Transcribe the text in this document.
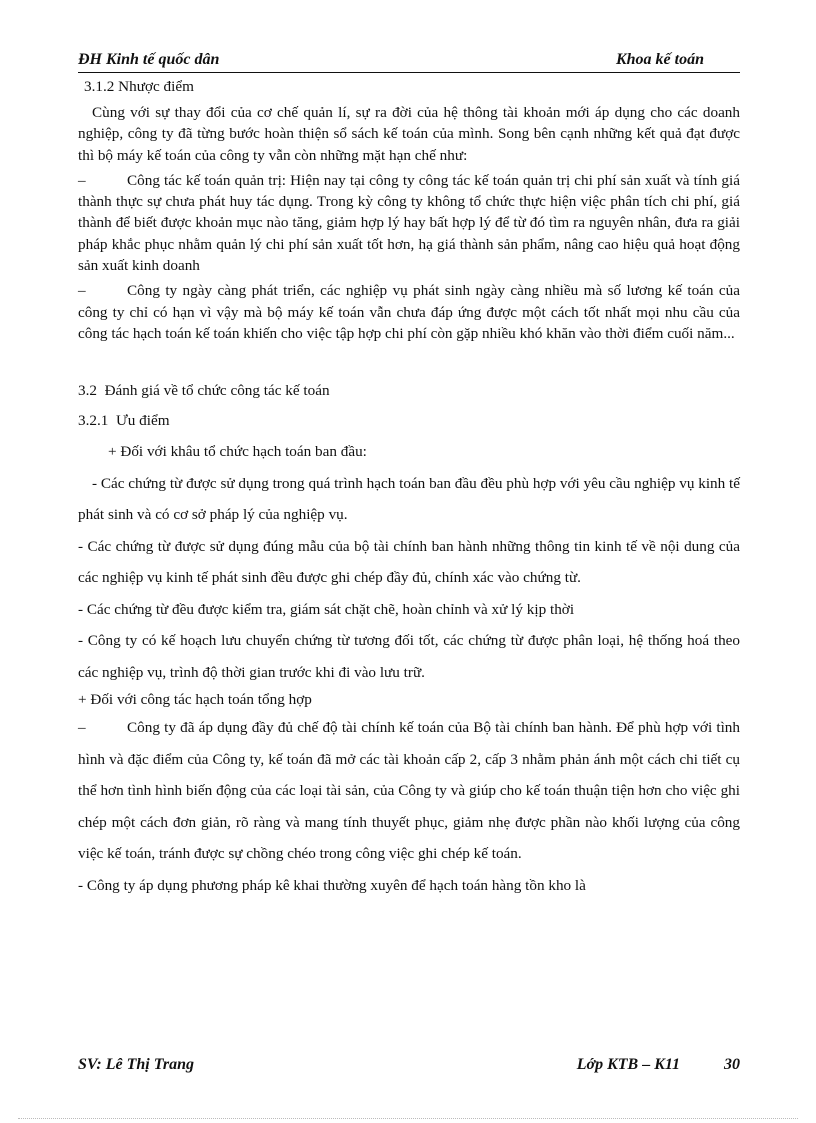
ĐH Kinh tế quốc dân	Khoa kế toán

3.1.2 Nhược điểm

Cùng với sự thay đổi của cơ chế quản lí, sự ra đời của hệ thông tài khoản mới áp dụng cho các doanh nghiệp, công ty đã từng bước hoàn thiện sổ sách kế toán của mình. Song bên cạnh những kết quả đạt được thì bộ máy kế toán của công ty vẫn còn những mặt hạn chế như:

–	Công tác kế toán quản trị: Hiện nay tại công ty công tác kế toán quản trị chi phí sản xuất và tính giá thành thực sự chưa phát huy tác dụng. Trong kỳ công ty không tổ chức thực hiện việc phân tích chi phí, giá thành để biết được khoản mục nào tăng, giảm hợp lý hay bất hợp lý để từ đó tìm ra nguyên nhân, đưa ra giải pháp khắc phục nhằm quản lý chi phí sản xuất tốt hơn, hạ giá thành sản phẩm, nâng cao hiệu quả hoạt động sản xuất kinh doanh

–	Công ty ngày càng phát triển, các nghiệp vụ phát sinh ngày càng nhiều mà số lương kế toán của công ty chỉ có hạn vì vậy mà bộ máy kế toán vẫn chưa đáp ứng được một cách tốt nhất mọi nhu cầu của công tác hạch toán kế toán khiến cho việc tập hợp chi phí còn gặp nhiều khó khăn vào thời điểm cuối năm...

3.2 Đánh giá về tổ chức công tác kế toán

3.2.1 Ưu điểm

+ Đối với khâu tổ chức hạch toán ban đầu:

- Các chứng từ được sử dụng trong quá trình hạch toán ban đầu đều phù hợp với yêu cầu nghiệp vụ kinh tế phát sinh và có cơ sở pháp lý của nghiệp vụ.

- Các chứng từ được sử dụng đúng mẫu của bộ tài chính ban hành những thông tin kinh tế về nội dung của các nghiệp vụ kinh tế phát sinh đều được ghi chép đầy đủ, chính xác vào chứng từ.

- Các chứng từ đều được kiểm tra, giám sát chặt chẽ, hoàn chỉnh và xử lý kịp thời

- Công ty có kế hoạch lưu chuyển chứng từ tương đối tốt, các chứng từ được phân loại, hệ thống hoá theo các nghiệp vụ, trình độ thời gian trước khi đi vào lưu trữ.

+ Đối với công tác hạch toán tổng hợp

–	Công ty đã áp dụng đầy đủ chế độ tài chính kế toán của Bộ tài chính ban hành. Để phù hợp với tình hình và đặc điểm của Công ty, kế toán đã mở các tài khoản cấp 2, cấp 3 nhằm phản ánh một cách chi tiết cụ thể hơn tình hình biến động của các loại tài sản, của Công ty và giúp cho kế toán thuận tiện hơn cho việc ghi chép một cách đơn giản, rõ ràng và mang tính thuyết phục, giảm nhẹ được phần nào khối lượng của công việc kế toán, tránh được sự chồng chéo trong công việc ghi chép kế toán.

- Công ty áp dụng phương pháp kê khai thường xuyên để hạch toán hàng tồn kho là

SV: Lê Thị Trang	Lớp KTB – K11	30
